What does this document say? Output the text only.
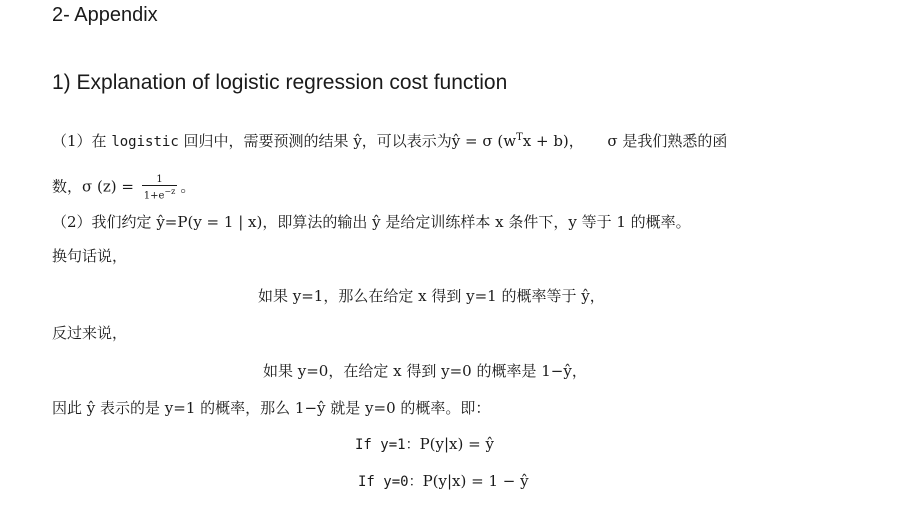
2- Appendix
1) Explanation of logistic regression cost function
（1）在 logistic 回归中，需要预测的结果 ŷ，可以表示为ŷ = σ $(w^Tx + b)$， σ 是我们熟悉的函
数，σ $(z) = \frac{1}{1+e^{-z}}$ 。
（2）我们约定 ŷ=P(y = 1 | x)，即算法的输出 ŷ 是给定训练样本 x 条件下，y 等于 1 的概率。
换句话说，
如果 y=1，那么在给定 x 得到 y=1 的概率等于 ŷ，
反过来说，
如果 y=0，在给定 x 得到 y=0 的概率是 1−ŷ，
因此 ŷ 表示的是 y=1 的概率，那么 1−ŷ 就是 y=0 的概率。即：
If y=1：P(y|x) = ŷ
If y=0：P(y|x) = 1 − ŷ
